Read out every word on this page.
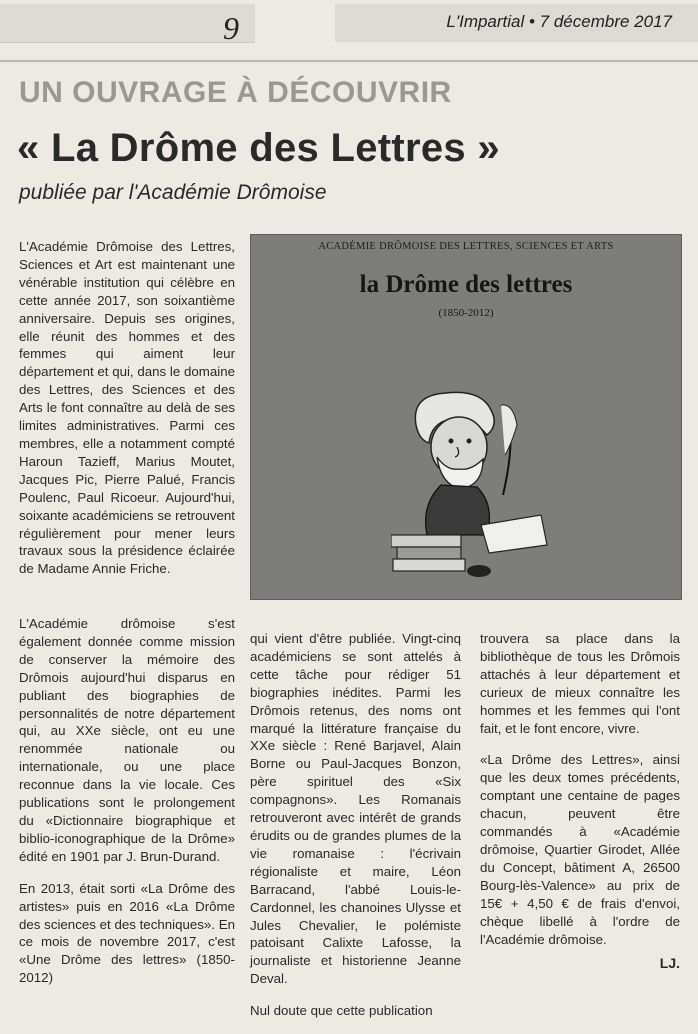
9	L'Impartial • 7 décembre 2017
UN OUVRAGE À DÉCOUVRIR
« La Drôme des Lettres »
publiée par l'Académie Drômoise

L'Académie Drômoise des Lettres, Sciences et Art est maintenant une vénérable institution qui célèbre en cette année 2017, son soixantième anniversaire. Depuis ses origines, elle réunit des hommes et des femmes qui aiment leur département et qui, dans le domaine des Lettres, des Sciences et des Arts le font connaître au delà de ses limites administratives. Parmi ces membres, elle a notamment compté Haroun Tazieff, Marius Moutet, Jacques Pic, Pierre Palué, Francis Poulenc, Paul Ricoeur. Aujourd'hui, soixante académiciens se retrouvent régulièrement pour mener leurs travaux sous la présidence éclairée de Madame Annie Friche.

L'Académie drômoise s'est également donnée comme mission de conserver la mémoire des Drômois aujourd'hui disparus en publiant des biographies de personnalités de notre département qui, au XXe siècle, ont eu une renommée nationale ou internationale, ou une place reconnue dans la vie locale. Ces publications sont le prolongement du «Dictionnaire biographique et biblio-iconographique de la Drôme» édité en 1901 par J. Brun-Durand.

En 2013, était sorti «La Drôme des artistes» puis en 2016 «La Drôme des sciences et des techniques». En ce mois de novembre 2017, c'est «Une Drôme des lettres» (1850-2012)

qui vient d'être publiée. Vingt-cinq académiciens se sont attelés à cette tâche pour rédiger 51 biographies inédites. Parmi les Drômois retenus, des noms ont marqué la littérature française du XXe siècle : René Barjavel, Alain Borne ou Paul-Jacques Bonzon, père spirituel des «Six compagnons». Les Romanais retrouveront avec intérêt de grands érudits ou de grandes plumes de la vie romanaise : l'écrivain régionaliste et maire, Léon Barracand, l'abbé Louis-le-Cardonnel, les chanoines Ulysse et Jules Chevalier, le polémiste patoisant Calixte Lafosse, la journaliste et historienne Jeanne Deval.

Nul doute que cette publication

trouvera sa place dans la bibliothèque de tous les Drômois attachés à leur département et curieux de mieux connaître les hommes et les femmes qui l'ont fait, et le font encore, vivre.

«La Drôme des Lettres», ainsi que les deux tomes précédents, comptant une centaine de pages chacun, peuvent être commandés à «Académie drômoise, Quartier Girodet, Allée du Concept, bâtiment A, 26500 Bourg-lès-Valence» au prix de 15€ + 4,50 € de frais d'envoi, chèque libellé à l'ordre de l'Académie drômoise.

LJ.
ACADÉMIE DRÔMOISE DES LETTRES, SCIENCES ET ARTS
la Drôme des lettres
(1850-2012)
